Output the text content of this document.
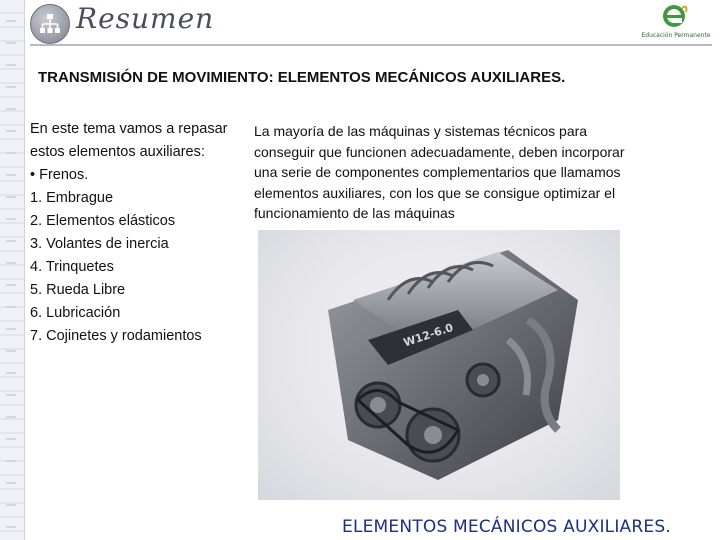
Resumen
Educación Permanente
TRANSMISIÓN DE MOVIMIENTO: ELEMENTOS MECÁNICOS AUXILIARES.
En este tema vamos a repasar
estos elementos auxiliares:
• Frenos.
1. Embrague
2. Elementos elásticos
3. Volantes de inercia
4. Trinquetes
5. Rueda Libre
6. Lubricación
7. Cojinetes y rodamientos
La mayoría de las máquinas y sistemas técnicos para
conseguir que funcionen adecuadamente, deben incorporar
una serie de componentes complementarios que llamamos
elementos auxiliares, con los que se consigue optimizar el
funcionamiento de las máquinas
W12-6.0
ELEMENTOS MECÁNICOS AUXILIARES.
